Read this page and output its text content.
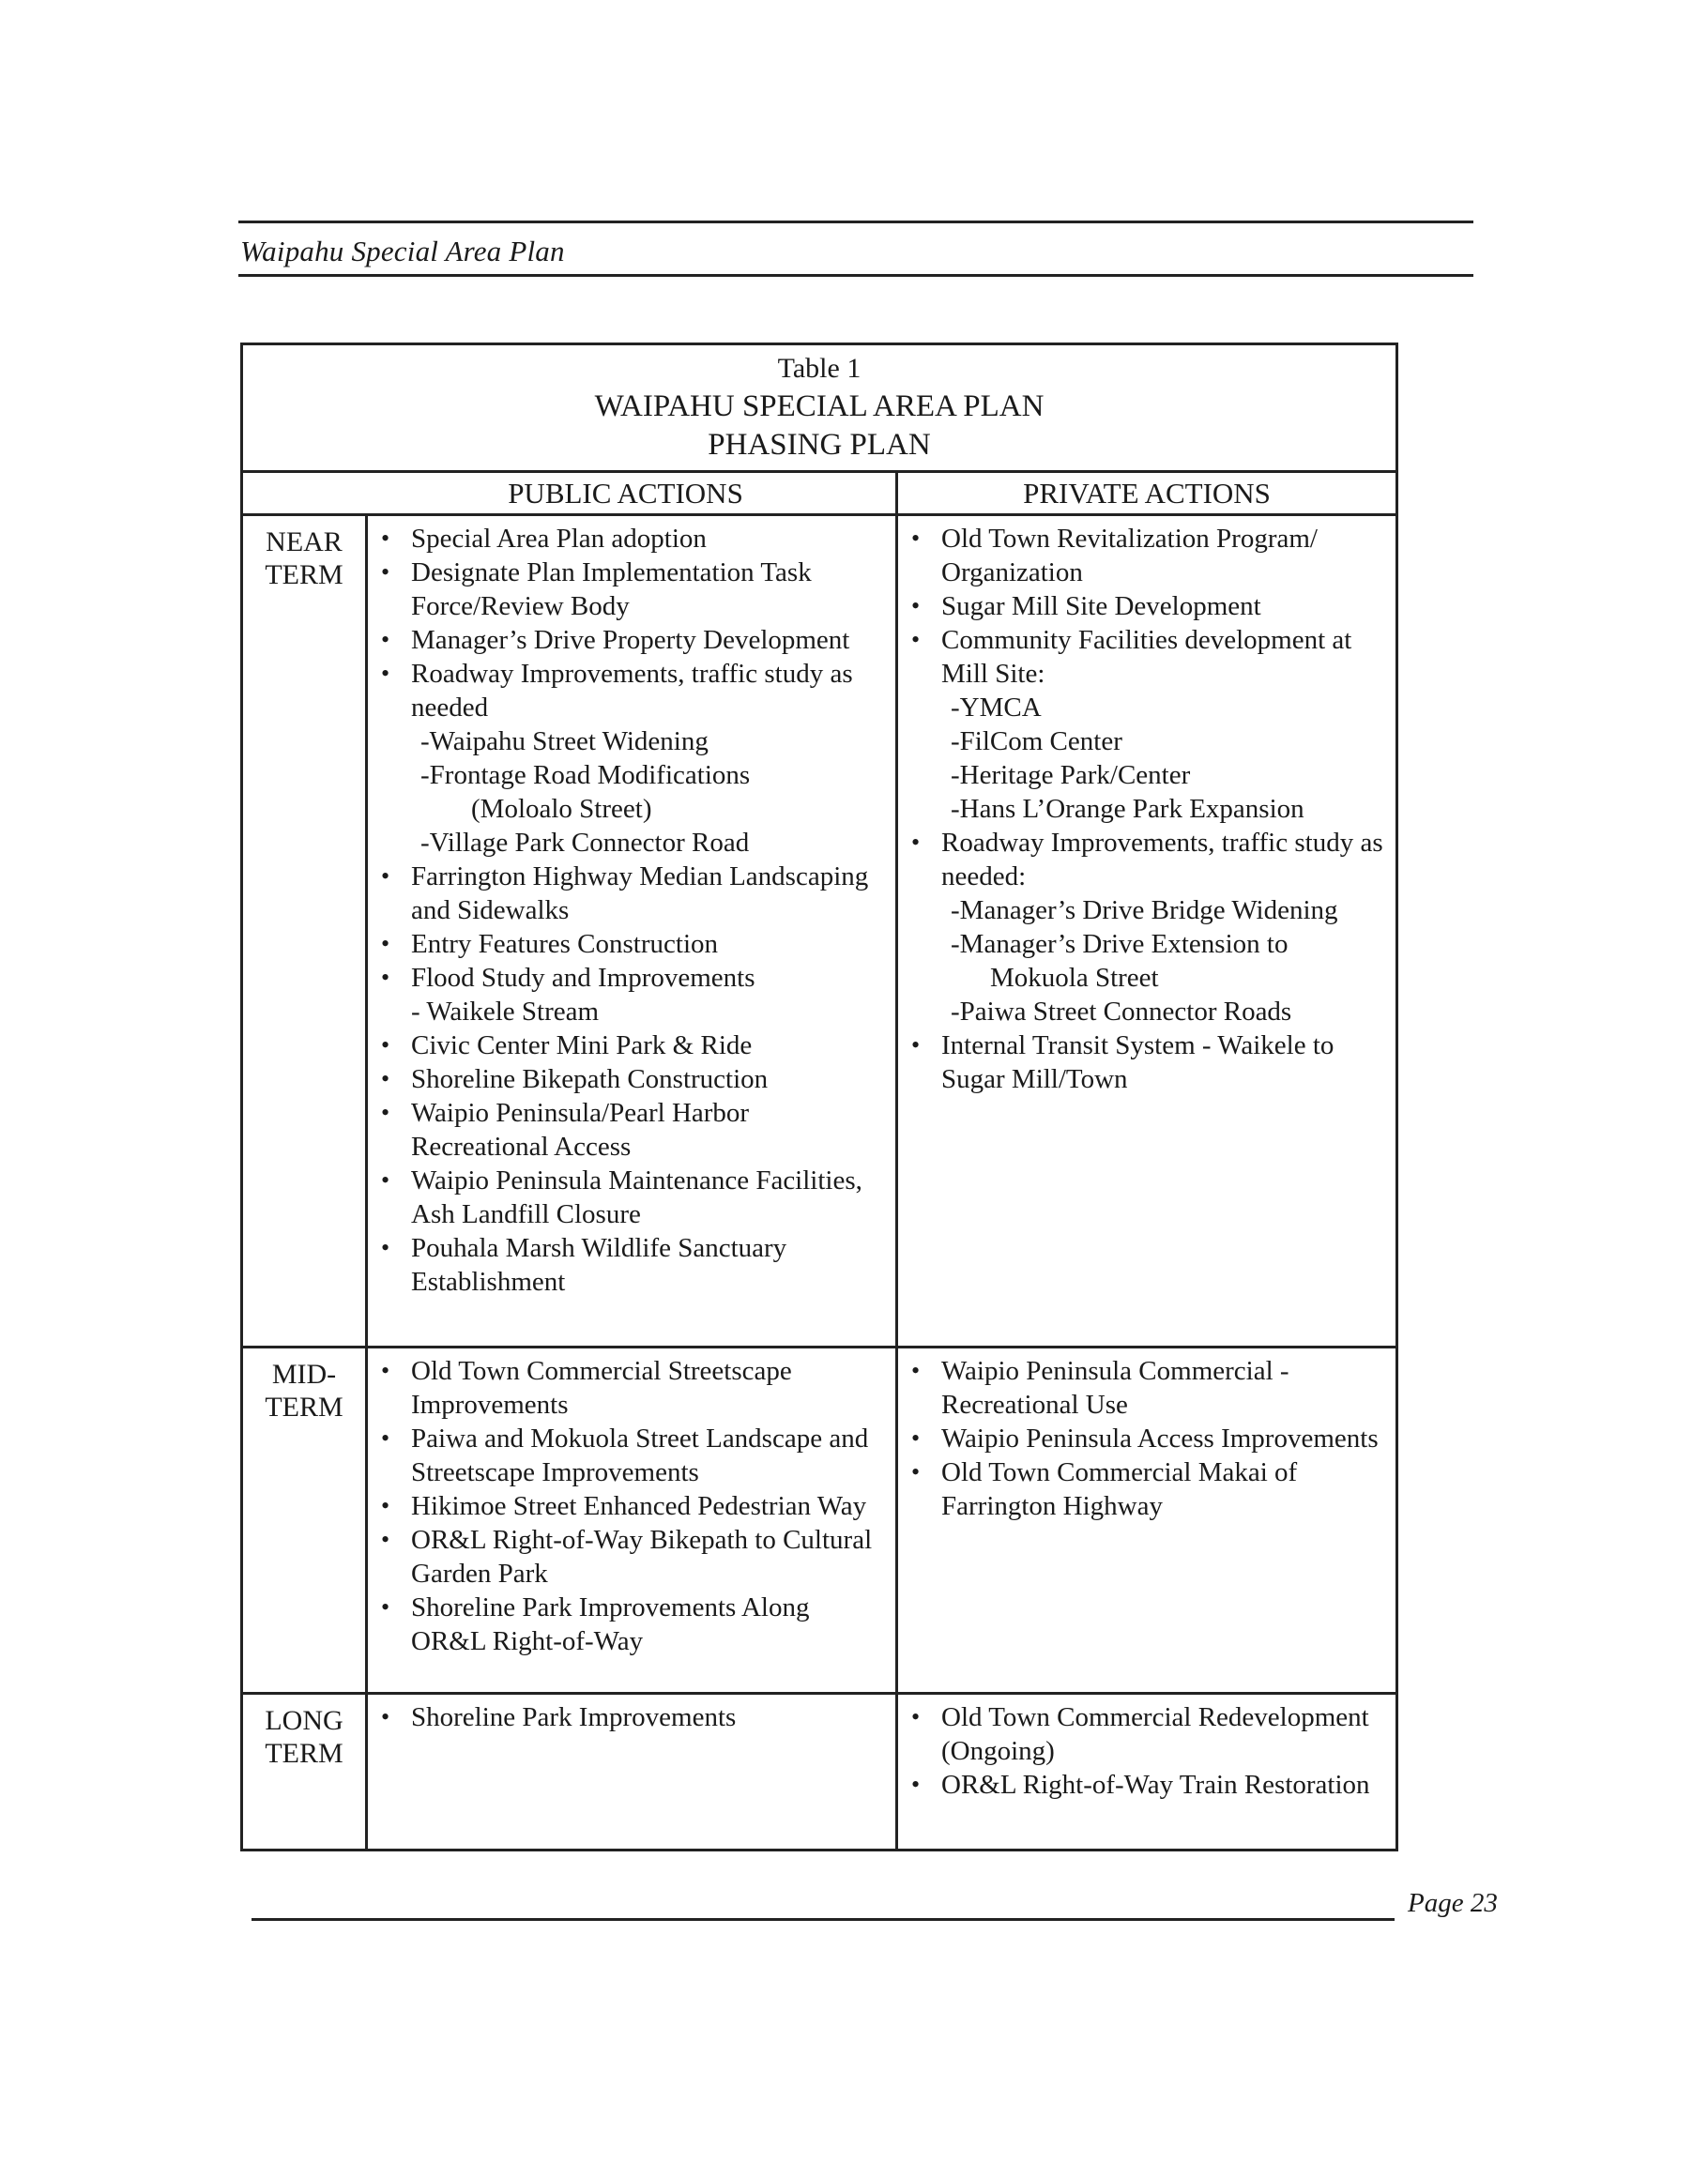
Waipahu Special Area Plan
Table 1
WAIPAHU SPECIAL AREA PLAN
PHASING PLAN
PUBLIC ACTIONS	PRIVATE ACTIONS
NEAR
TERM
• Special Area Plan adoption
• Designate Plan Implementation Task Force/Review Body
• Manager’s Drive Property Development
• Roadway Improvements, traffic study as needed
-Waipahu Street Widening
-Frontage Road Modifications
(Moloalo Street)
-Village Park Connector Road
• Farrington Highway Median Landscaping and Sidewalks
• Entry Features Construction
• Flood Study and Improvements
- Waikele Stream
• Civic Center Mini Park & Ride
• Shoreline Bikepath Construction
• Waipio Peninsula/Pearl Harbor Recreational Access
• Waipio Peninsula Maintenance Facilities, Ash Landfill Closure
• Pouhala Marsh Wildlife Sanctuary Establishment
• Old Town Revitalization Program/ Organization
• Sugar Mill Site Development
• Community Facilities development at Mill Site:
-YMCA
-FilCom Center
-Heritage Park/Center
-Hans L’Orange Park Expansion
• Roadway Improvements, traffic study as needed:
-Manager’s Drive Bridge Widening
-Manager’s Drive Extension to
Mokuola Street
-Paiwa Street Connector Roads
• Internal Transit System - Waikele to Sugar Mill/Town
MID-
TERM
• Old Town Commercial Streetscape Improvements
• Paiwa and Mokuola Street Landscape and Streetscape Improvements
• Hikimoe Street Enhanced Pedestrian Way
• OR&L Right-of-Way Bikepath to Cultural Garden Park
• Shoreline Park Improvements Along OR&L Right-of-Way
• Waipio Peninsula Commercial -Recreational Use
• Waipio Peninsula Access Improvements
• Old Town Commercial Makai of Farrington Highway
LONG
TERM
• Shoreline Park Improvements	• Old Town Commercial Redevelopment (Ongoing)
• OR&L Right-of-Way Train Restoration
Page 23
